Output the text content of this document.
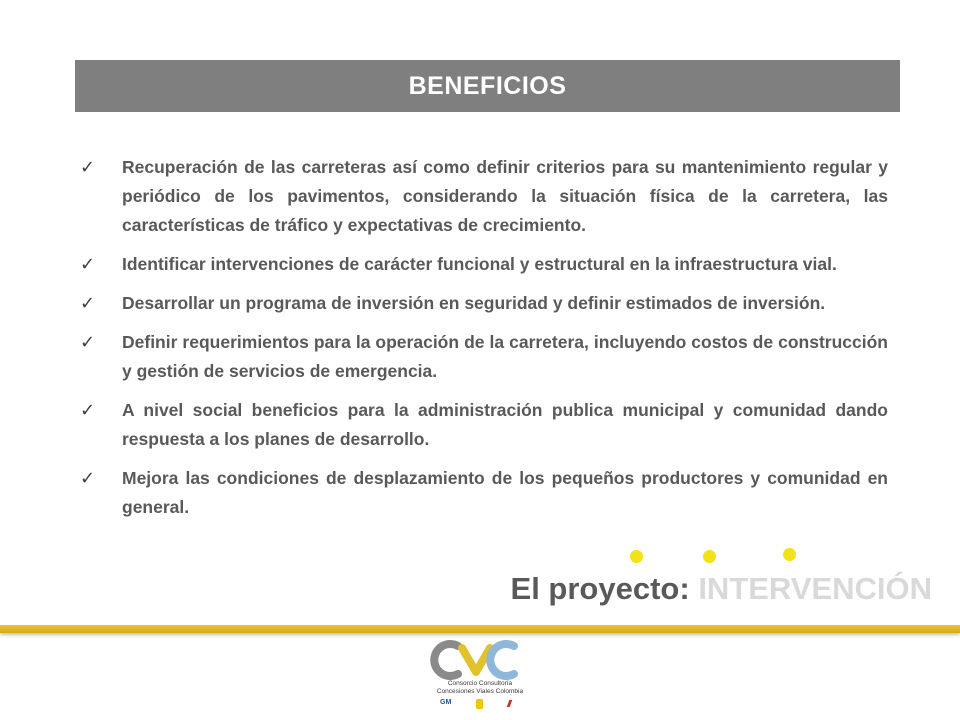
BENEFICIOS
✓ Recuperación de las carreteras así como definir criterios para su mantenimiento regular y periódico de los pavimentos, considerando la situación física de la carretera, las características de tráfico y expectativas de crecimiento.
✓ Identificar intervenciones de carácter funcional y estructural en la infraestructura vial.
✓ Desarrollar un programa de inversión en seguridad y definir estimados de inversión.
✓ Definir requerimientos para la operación de la carretera, incluyendo costos de construcción y gestión de servicios de emergencia.
✓ A nivel social beneficios para la administración publica municipal y comunidad dando respuesta a los planes de desarrollo.
✓ Mejora las condiciones de desplazamiento de los pequeños productores y comunidad en general.
El proyecto: INTERVENCIÓN
Consorcio Consultoría
Concesiones Viales Colombia
GM
